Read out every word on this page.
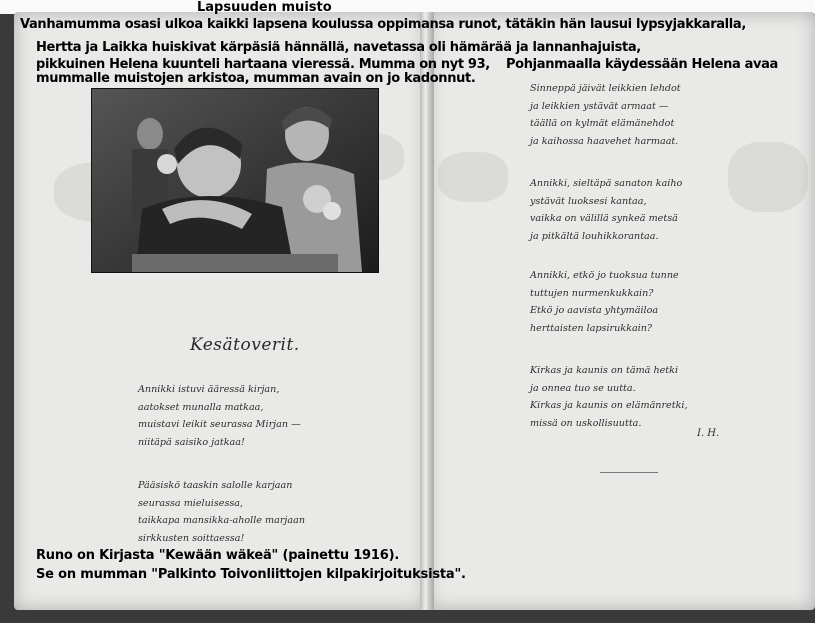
Lapsuuden muisto
Vanhamumma osasi ulkoa kaikki lapsena koulussa oppimansa runot, tätäkin hän lausui lypsyjakkaralla,
Hertta ja Laikka huiskivat kärpäsiä hännällä, navetassa oli hämärää ja lannanhajuista,
pikkuinen Helena kuunteli hartaana vieressä. Mumma on nyt 93, Pohjanmaalla käydessään Helena avaa
mummalle muistojen arkistoa, mumman avain on jo kadonnut.
Kesätoverit.
Annikki istuvi ääressä kirjan,
aatokset munalla matkaa,
muistavi leikit seurassa Mirjan —
niitäpä saisiko jatkaa!
Pääsiskö taaskin salolle karjaan
seurassa mieluisessa,
taikkapa mansikka-aholle marjaan
sirkkusten soittaessa!
Sinneppä jäivät leikkien lehdot
ja leikkien ystävät armaat —
täällä on kylmät elämänehdot
ja kaihossa haavehet harmaat.
Annikki, sieltäpä sanaton kaiho
ystävät luoksesi kantaa,
vaikka on välillä synkeä metsä
ja pitkältä louhikkorantaa.
Annikki, etkö jo tuoksua tunne
tuttujen nurmenkukkain?
Etkö jo aavista yhtymäiloa
herttaisten lapsirukkain?
Kirkas ja kaunis on tämä hetki
ja onnea tuo se uutta.
Kirkas ja kaunis on elämänretki,
missä on uskollisuutta.
I. H.
Runo on Kirjasta "Kewään wäkeä" (painettu 1916).
Se on mumman "Palkinto Toivonliittojen kilpakirjoituksista".
